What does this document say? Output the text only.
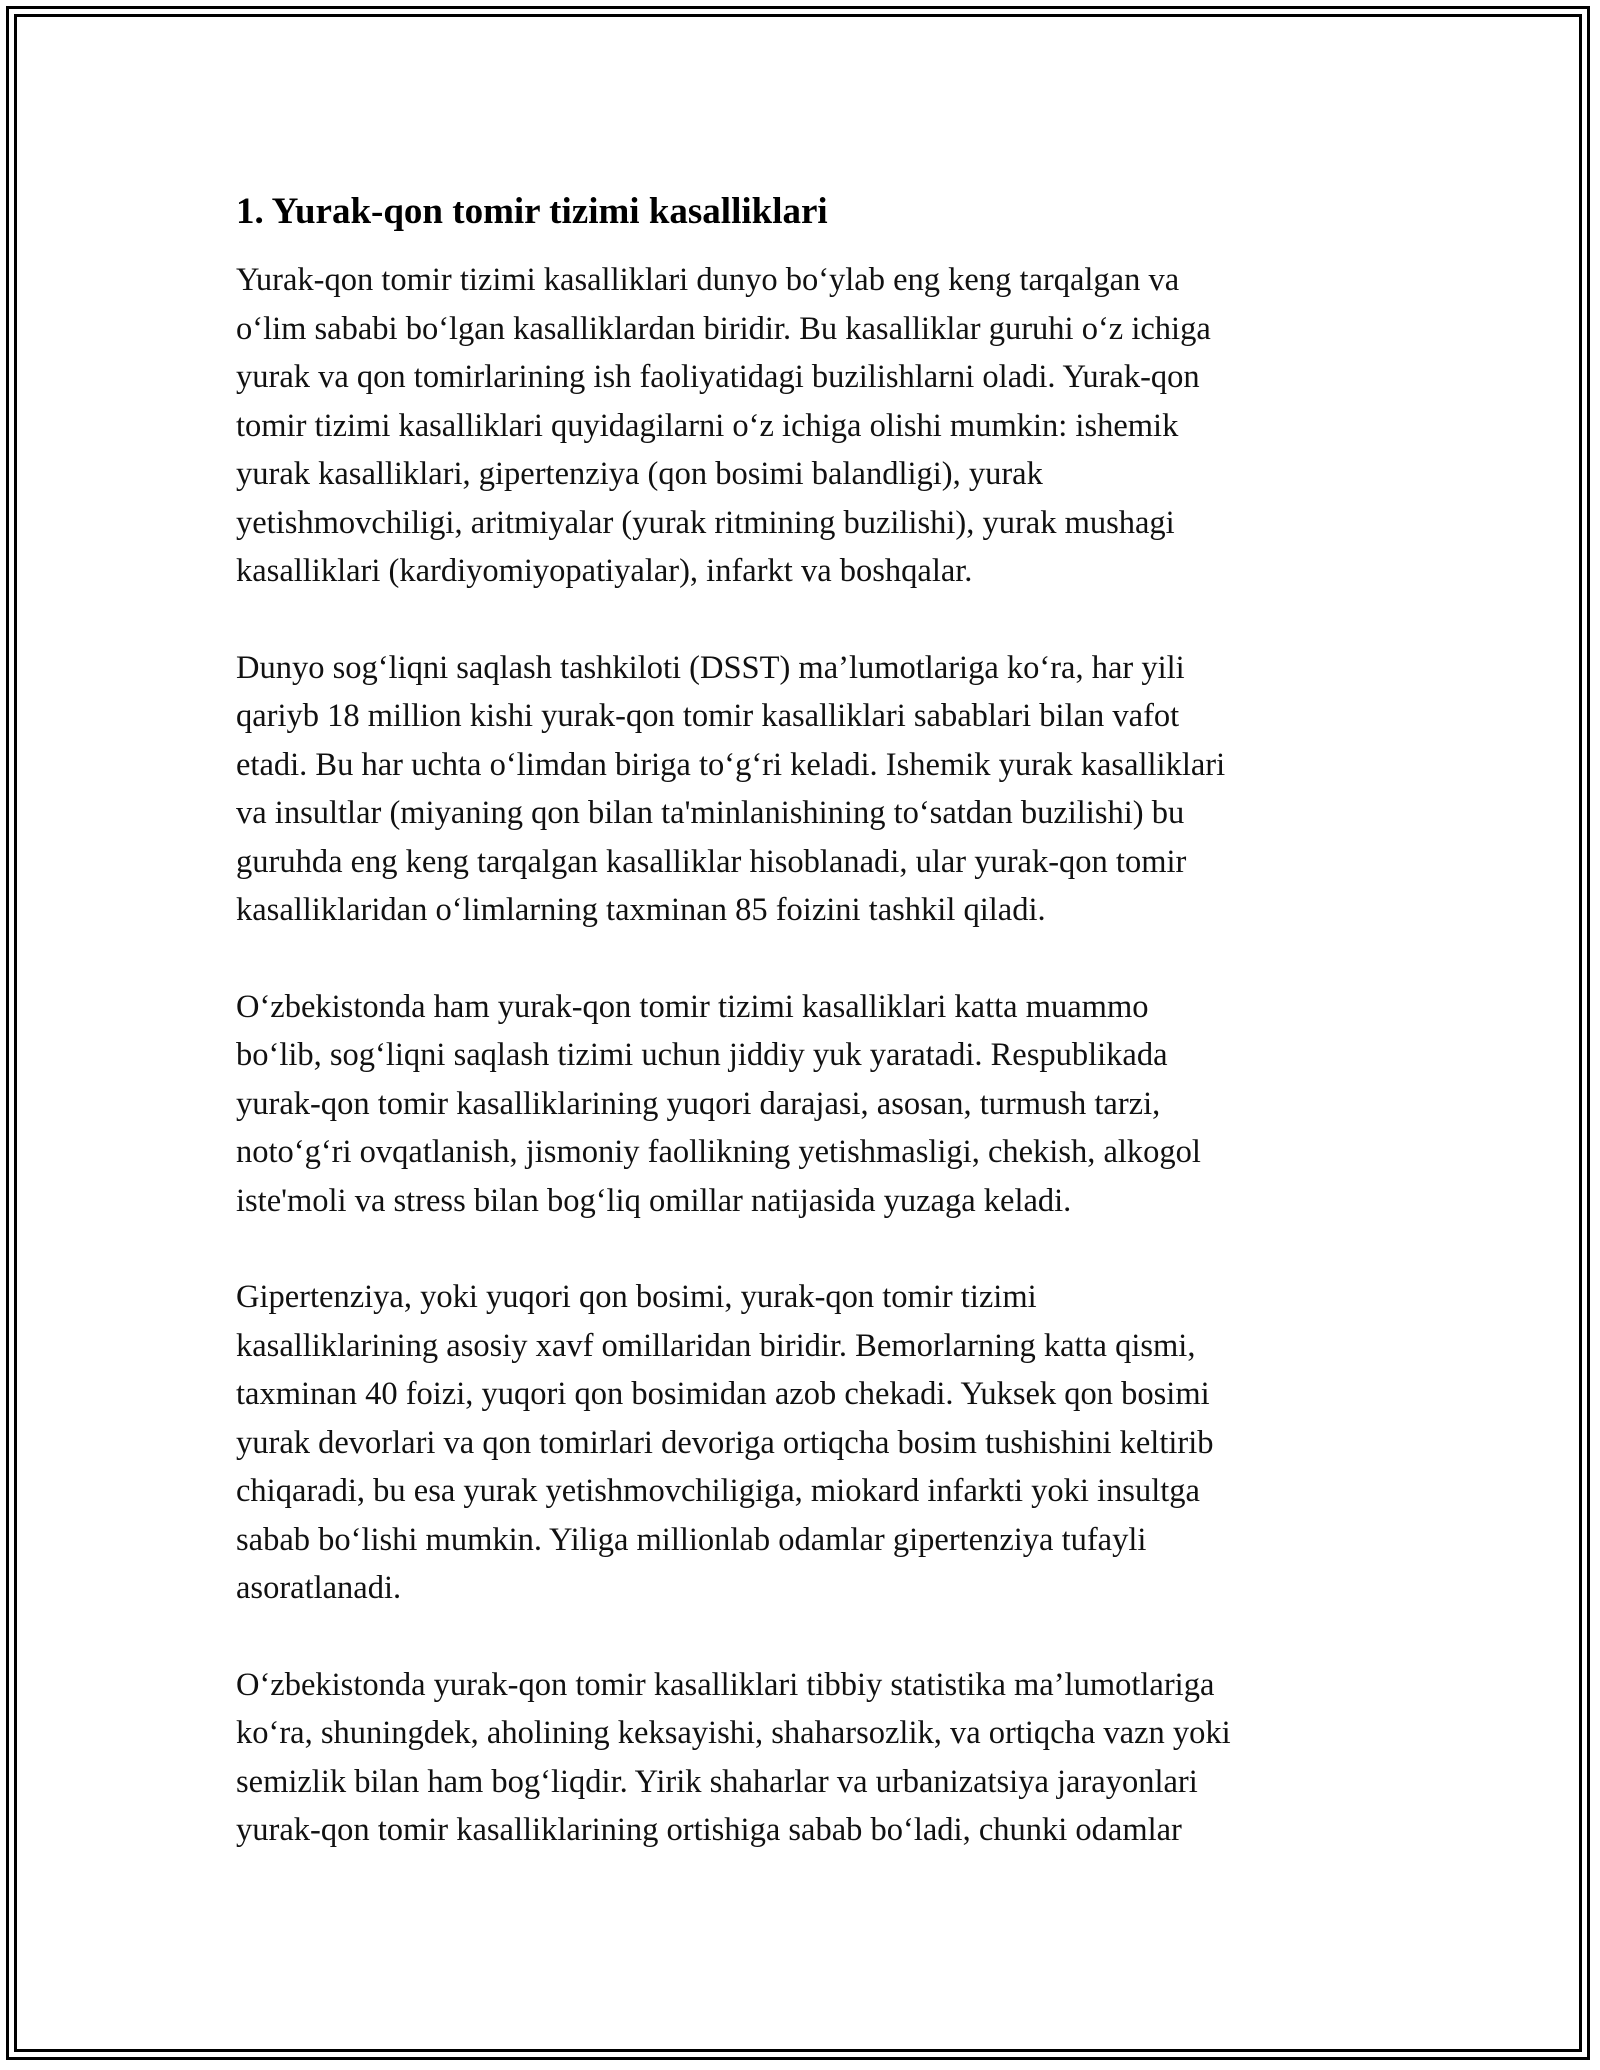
1. Yurak-qon tomir tizimi kasalliklari

Yurak-qon tomir tizimi kasalliklari dunyo bo‘ylab eng keng tarqalgan va
o‘lim sababi bo‘lgan kasalliklardan biridir. Bu kasalliklar guruhi o‘z ichiga
yurak va qon tomirlarining ish faoliyatidagi buzilishlarni oladi. Yurak-qon
tomir tizimi kasalliklari quyidagilarni o‘z ichiga olishi mumkin: ishemik
yurak kasalliklari, gipertenziya (qon bosimi balandligi), yurak
yetishmovchiligi, aritmiyalar (yurak ritmining buzilishi), yurak mushagi
kasalliklari (kardiyomiyopatiyalar), infarkt va boshqalar.

Dunyo sog‘liqni saqlash tashkiloti (DSST) ma’lumotlariga ko‘ra, har yili
qariyb 18 million kishi yurak-qon tomir kasalliklari sabablari bilan vafot
etadi. Bu har uchta o‘limdan biriga to‘g‘ri keladi. Ishemik yurak kasalliklari
va insultlar (miyaning qon bilan ta'minlanishining to‘satdan buzilishi) bu
guruhda eng keng tarqalgan kasalliklar hisoblanadi, ular yurak-qon tomir
kasalliklaridan o‘limlarning taxminan 85 foizini tashkil qiladi.

O‘zbekistonda ham yurak-qon tomir tizimi kasalliklari katta muammo
bo‘lib, sog‘liqni saqlash tizimi uchun jiddiy yuk yaratadi. Respublikada
yurak-qon tomir kasalliklarining yuqori darajasi, asosan, turmush tarzi,
noto‘g‘ri ovqatlanish, jismoniy faollikning yetishmasligi, chekish, alkogol
iste'moli va stress bilan bog‘liq omillar natijasida yuzaga keladi.

Gipertenziya, yoki yuqori qon bosimi, yurak-qon tomir tizimi
kasalliklarining asosiy xavf omillaridan biridir. Bemorlarning katta qismi,
taxminan 40 foizi, yuqori qon bosimidan azob chekadi. Yuksek qon bosimi
yurak devorlari va qon tomirlari devoriga ortiqcha bosim tushishini keltirib
chiqaradi, bu esa yurak yetishmovchiligiga, miokard infarkti yoki insultga
sabab bo‘lishi mumkin. Yiliga millionlab odamlar gipertenziya tufayli
asoratlanadi.

O‘zbekistonda yurak-qon tomir kasalliklari tibbiy statistika ma’lumotlariga
ko‘ra, shuningdek, aholining keksayishi, shaharsozlik, va ortiqcha vazn yoki
semizlik bilan ham bog‘liqdir. Yirik shaharlar va urbanizatsiya jarayonlari
yurak-qon tomir kasalliklarining ortishiga sabab bo‘ladi, chunki odamlar
